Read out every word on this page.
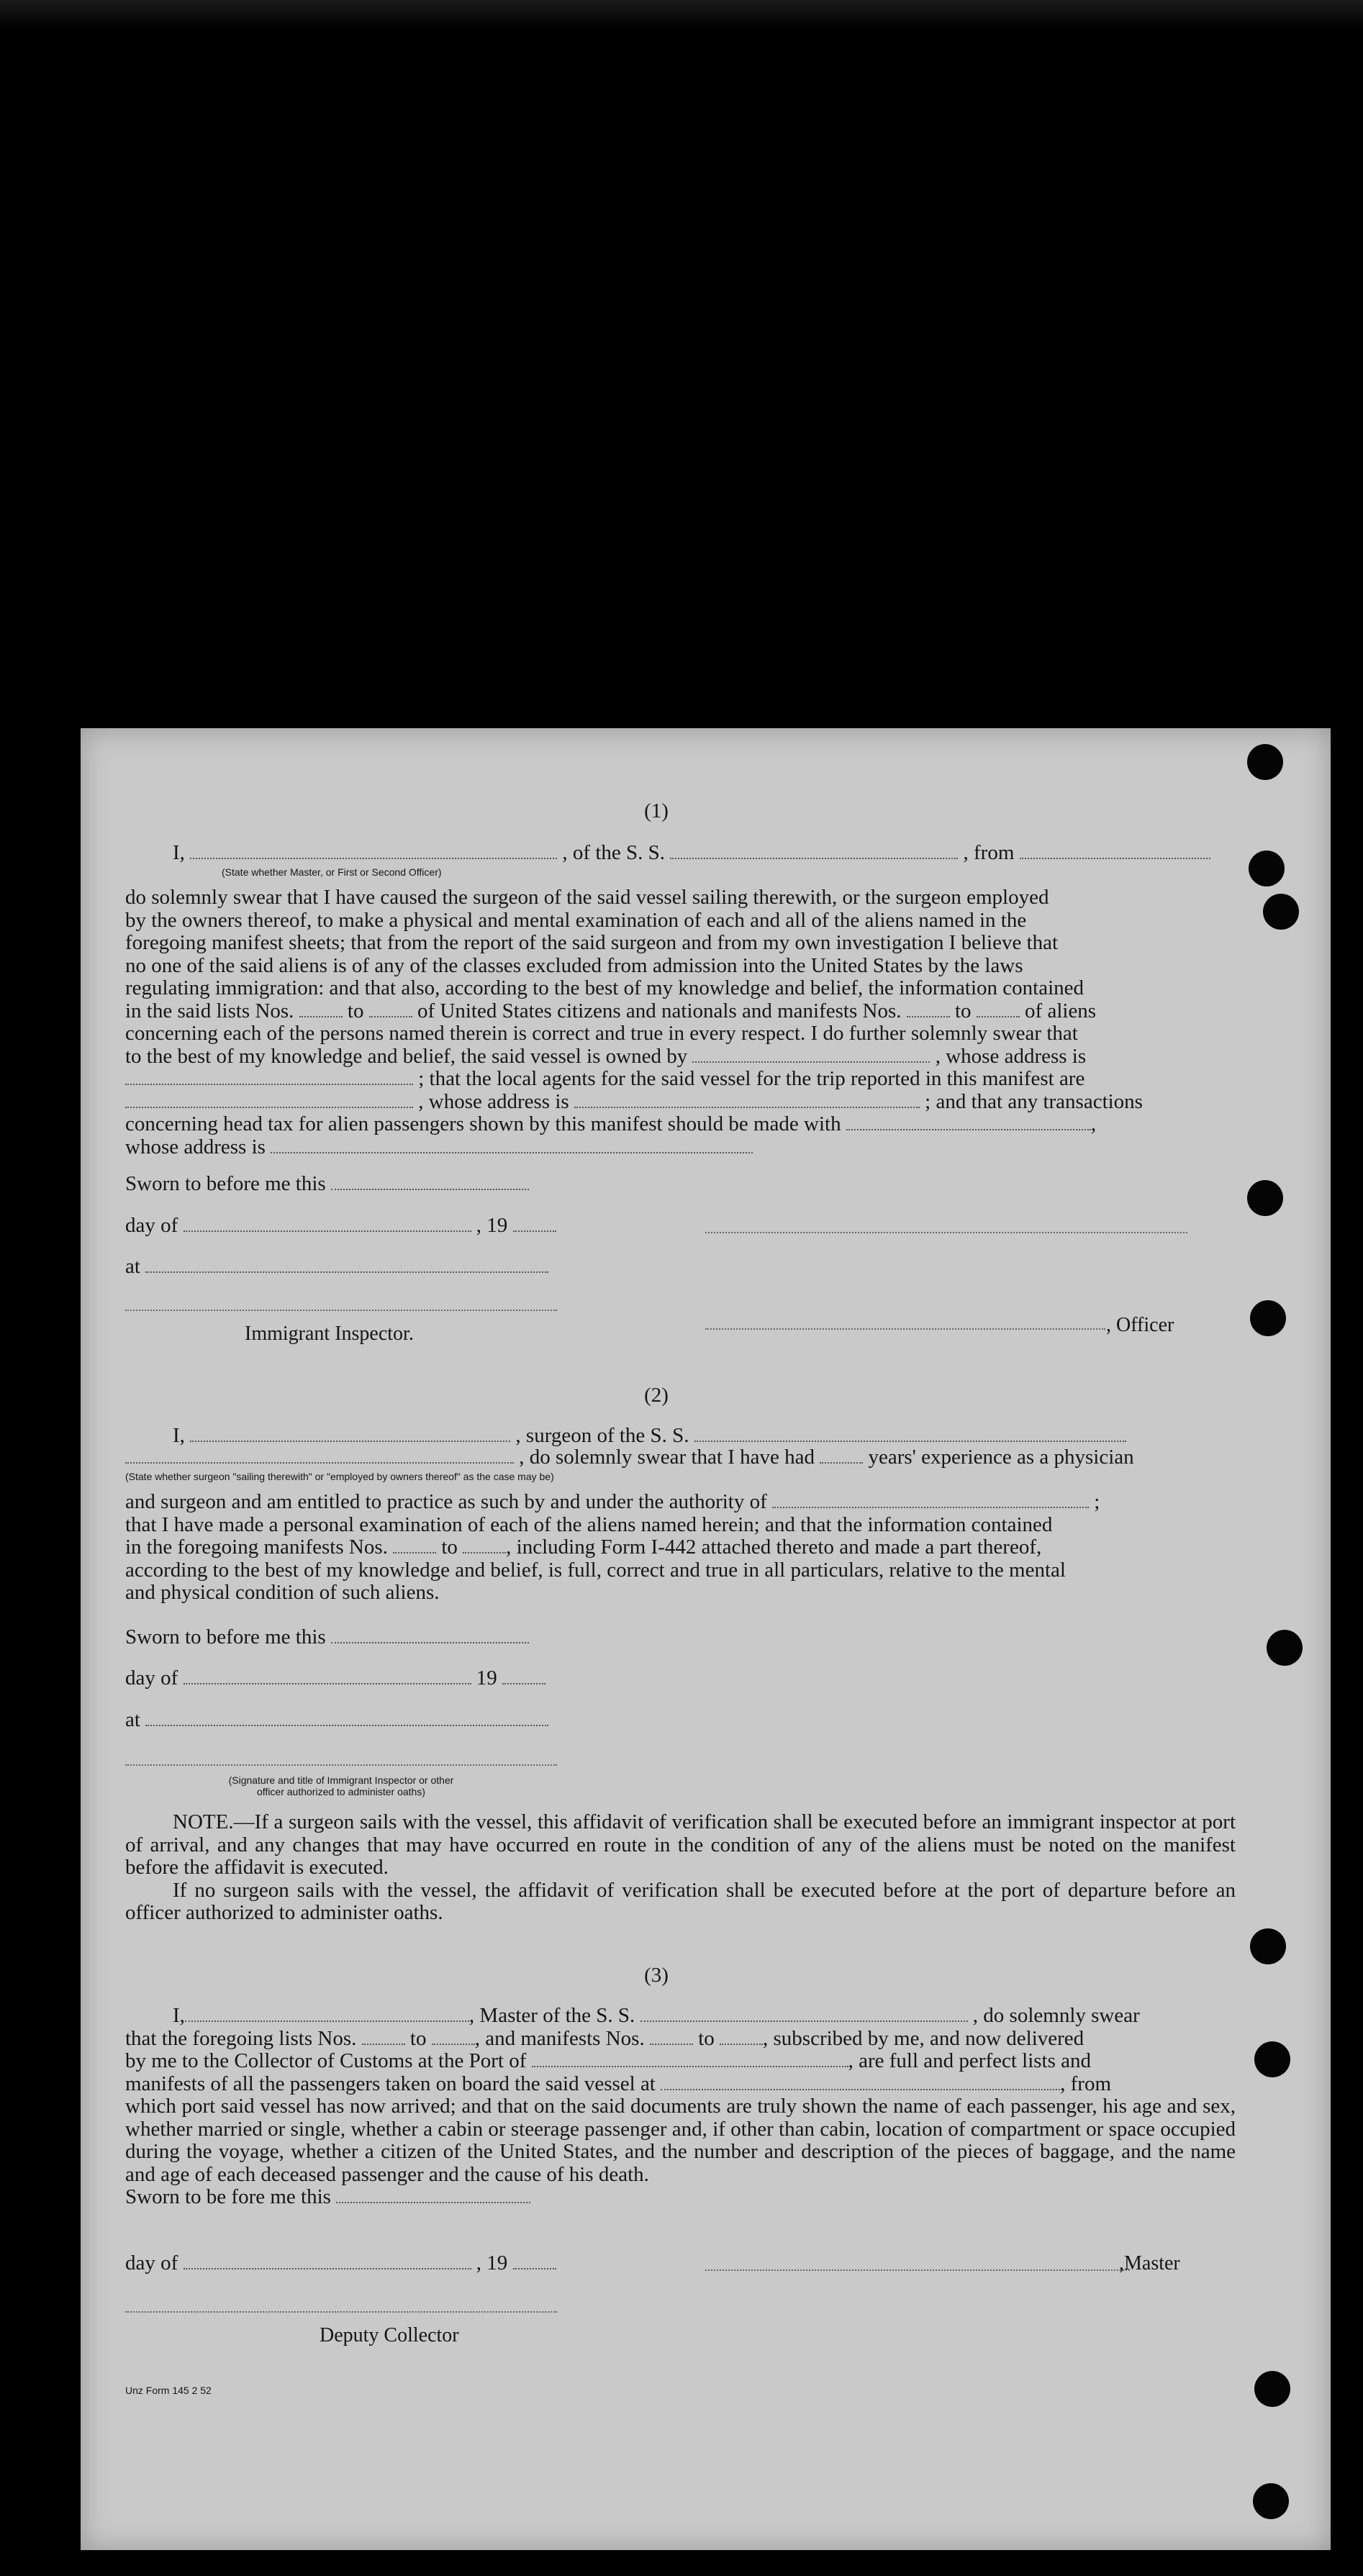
(1)
I,	, of the S. S.	, from
(State whether Master, or First or Second Officer)
do solemnly swear that I have caused the surgeon of the said vessel sailing therewith, or the surgeon employed
by the owners thereof, to make a physical and mental examination of each and all of the aliens named in the
foregoing manifest sheets; that from the report of the said surgeon and from my own investigation I believe that
no one of the said aliens is of any of the classes excluded from admission into the United States by the laws
regulating immigration: and that also, according to the best of my knowledge and belief, the information contained
in the said lists Nos.	to	of United States citizens and nationals and manifests Nos.	to	of aliens
concerning each of the persons named therein is correct and true in every respect. I do further solemnly swear that
to the best of my knowledge and belief, the said vessel is owned by	, whose address is
; that the local agents for the said vessel for the trip reported in this manifest are
, whose address is	; and that any transactions
concerning head tax for alien passengers shown by this manifest should be made with	,
whose address is
Sworn to before me this
day of	, 19
at
Immigrant Inspector.	, Officer
(2)
I,	, surgeon of the S. S.
, do solemnly swear that I have had	years' experience as a physician
(State whether surgeon "sailing therewith" or "employed by owners thereof" as the case may be)
and surgeon and am entitled to practice as such by and under the authority of	;
that I have made a personal examination of each of the aliens named herein; and that the information contained
in the foregoing manifests Nos.	to , including Form I-442 attached thereto and made a part thereof,
according to the best of my knowledge and belief, is full, correct and true in all particulars, relative to the mental
and physical condition of such aliens.
Sworn to before me this
day of	19
at
(Signature and title of Immigrant Inspector or other
officer authorized to administer oaths)
NOTE.—If a surgeon sails with the vessel, this affidavit of verification shall be executed before an immigrant inspector at port of arrival, and any changes that may have occurred en route in the condition of any of the aliens must be noted on the manifest before the affidavit is executed.
If no surgeon sails with the vessel, the affidavit of verification shall be executed before at the port of departure before an officer authorized to administer oaths.
(3)
I,	, Master of the S. S.	, do solemnly swear
that the foregoing lists Nos.	to , and manifests Nos.	to , subscribed by me, and now delivered
by me to the Collector of Customs at the Port of	, are full and perfect lists and
manifests of all the passengers taken on board the said vessel at	, from
which port said vessel has now arrived; and that on the said documents are truly shown the name of each passenger, his age and sex, whether married or single, whether a cabin or steerage passenger and, if other than cabin, location of compartment or space occupied during the voyage, whether a citizen of the United States, and the number and description of the pieces of baggage, and the name and age of each deceased passenger and the cause of his death.
Sworn to be fore me this
day of	, 19	,Master
Deputy Collector
Unz Form 145 2 52
